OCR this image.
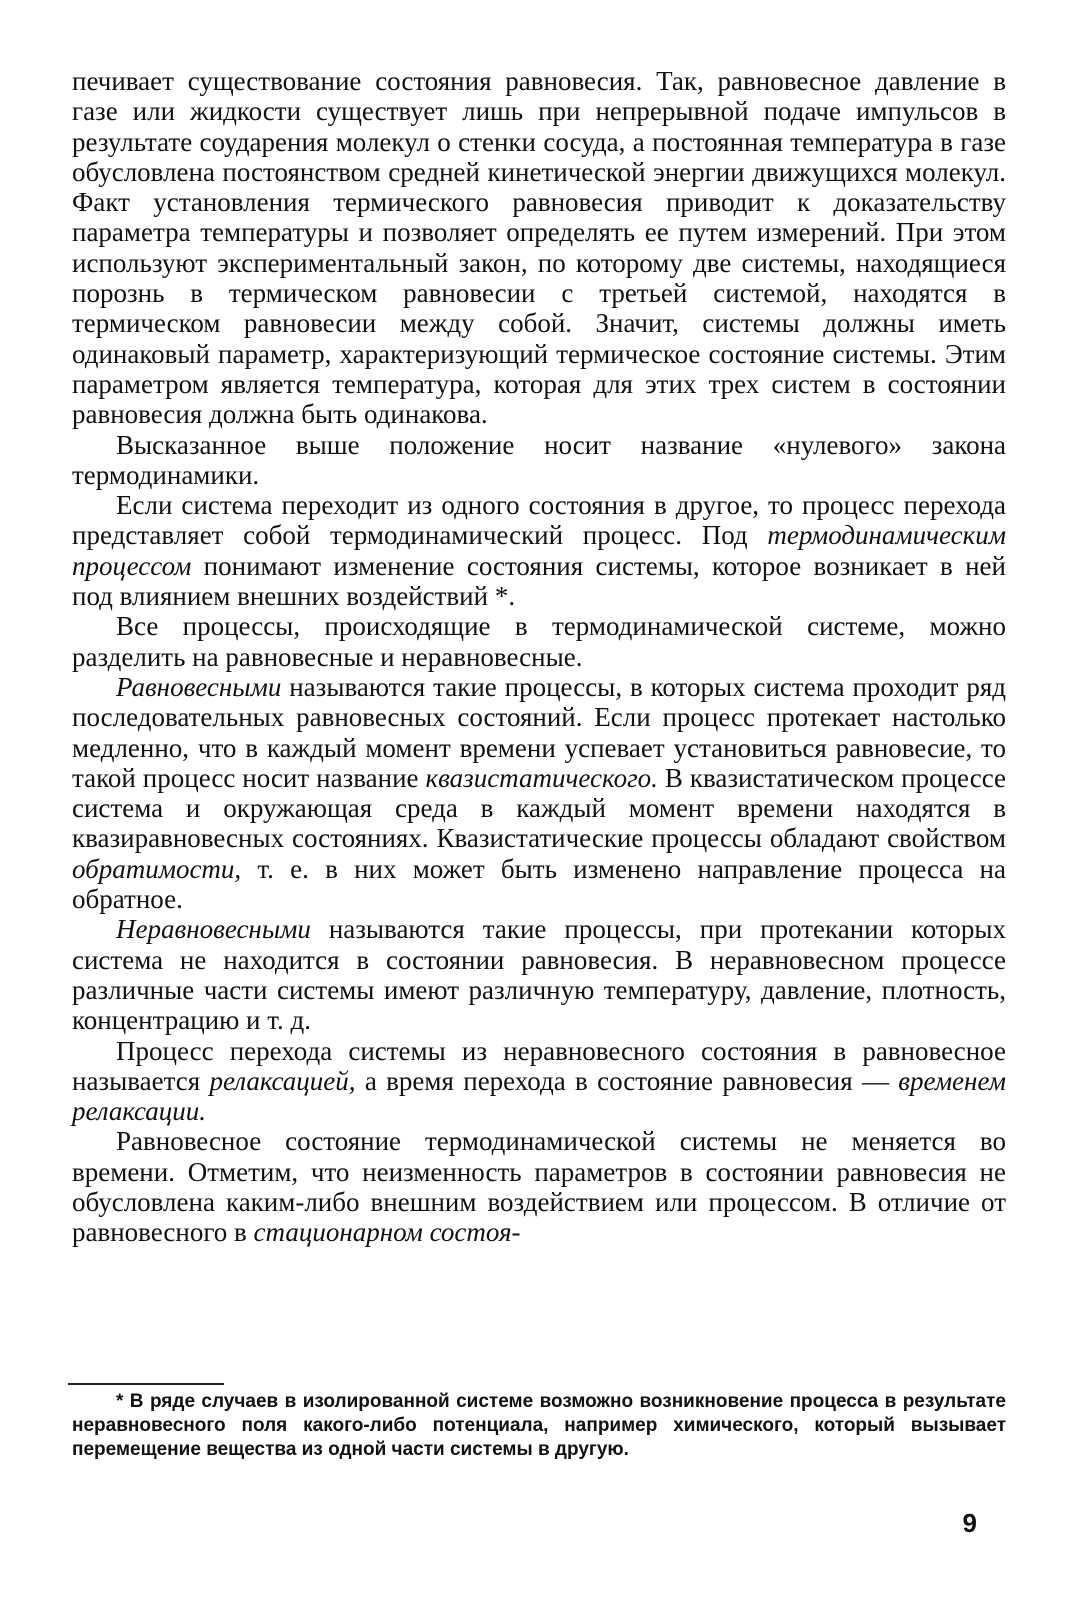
печивает существование состояния равновесия. Так, равновесное давление в газе или жидкости существует лишь при непрерывной подаче импульсов в результате соударения молекул о стенки сосуда, а постоянная температура в газе обусловлена постоянством средней кинетической энергии движущихся молекул. Факт установления термического равновесия приводит к доказательству параметра температуры и позволяет определять ее путем измерений. При этом используют экспериментальный закон, по которому две системы, находящиеся порознь в термическом равновесии с третьей системой, находятся в термическом равновесии между собой. Значит, системы должны иметь одинаковый параметр, характеризующий термическое состояние системы. Этим параметром является температура, которая для этих трех систем в состоянии равновесия должна быть одинакова.

Высказанное выше положение носит название «нулевого» закона термодинамики.

Если система переходит из одного состояния в другое, то процесс перехода представляет собой термодинамический процесс. Под термодинамическим процессом понимают изменение состояния системы, которое возникает в ней под влиянием внешних воздействий *.

Все процессы, происходящие в термодинамической системе, можно разделить на равновесные и неравновесные.

Равновесными называются такие процессы, в которых система проходит ряд последовательных равновесных состояний. Если процесс протекает настолько медленно, что в каждый момент времени успевает установиться равновесие, то такой процесс носит название квазистатического. В квазистатическом процессе система и окружающая среда в каждый момент времени находятся в квазиравновесных состояниях. Квазистатические процессы обладают свойством обратимости, т. е. в них может быть изменено направление процесса на обратное.

Неравновесными называются такие процессы, при протекании которых система не находится в состоянии равновесия. В неравновесном процессе различные части системы имеют различную температуру, давление, плотность, концентрацию и т. д.

Процесс перехода системы из неравновесного состояния в равновесное называется релаксацией, а время перехода в состояние равновесия — временем релаксации.

Равновесное состояние термодинамической системы не меняется во времени. Отметим, что неизменность параметров в состоянии равновесия не обусловлена каким-либо внешним воздействием или процессом. В отличие от равновесного в стационарном состоя-

* В ряде случаев в изолированной системе возможно возникновение процесса в результате неравновесного поля какого-либо потенциала, например химического, который вызывает перемещение вещества из одной части системы в другую.

9
